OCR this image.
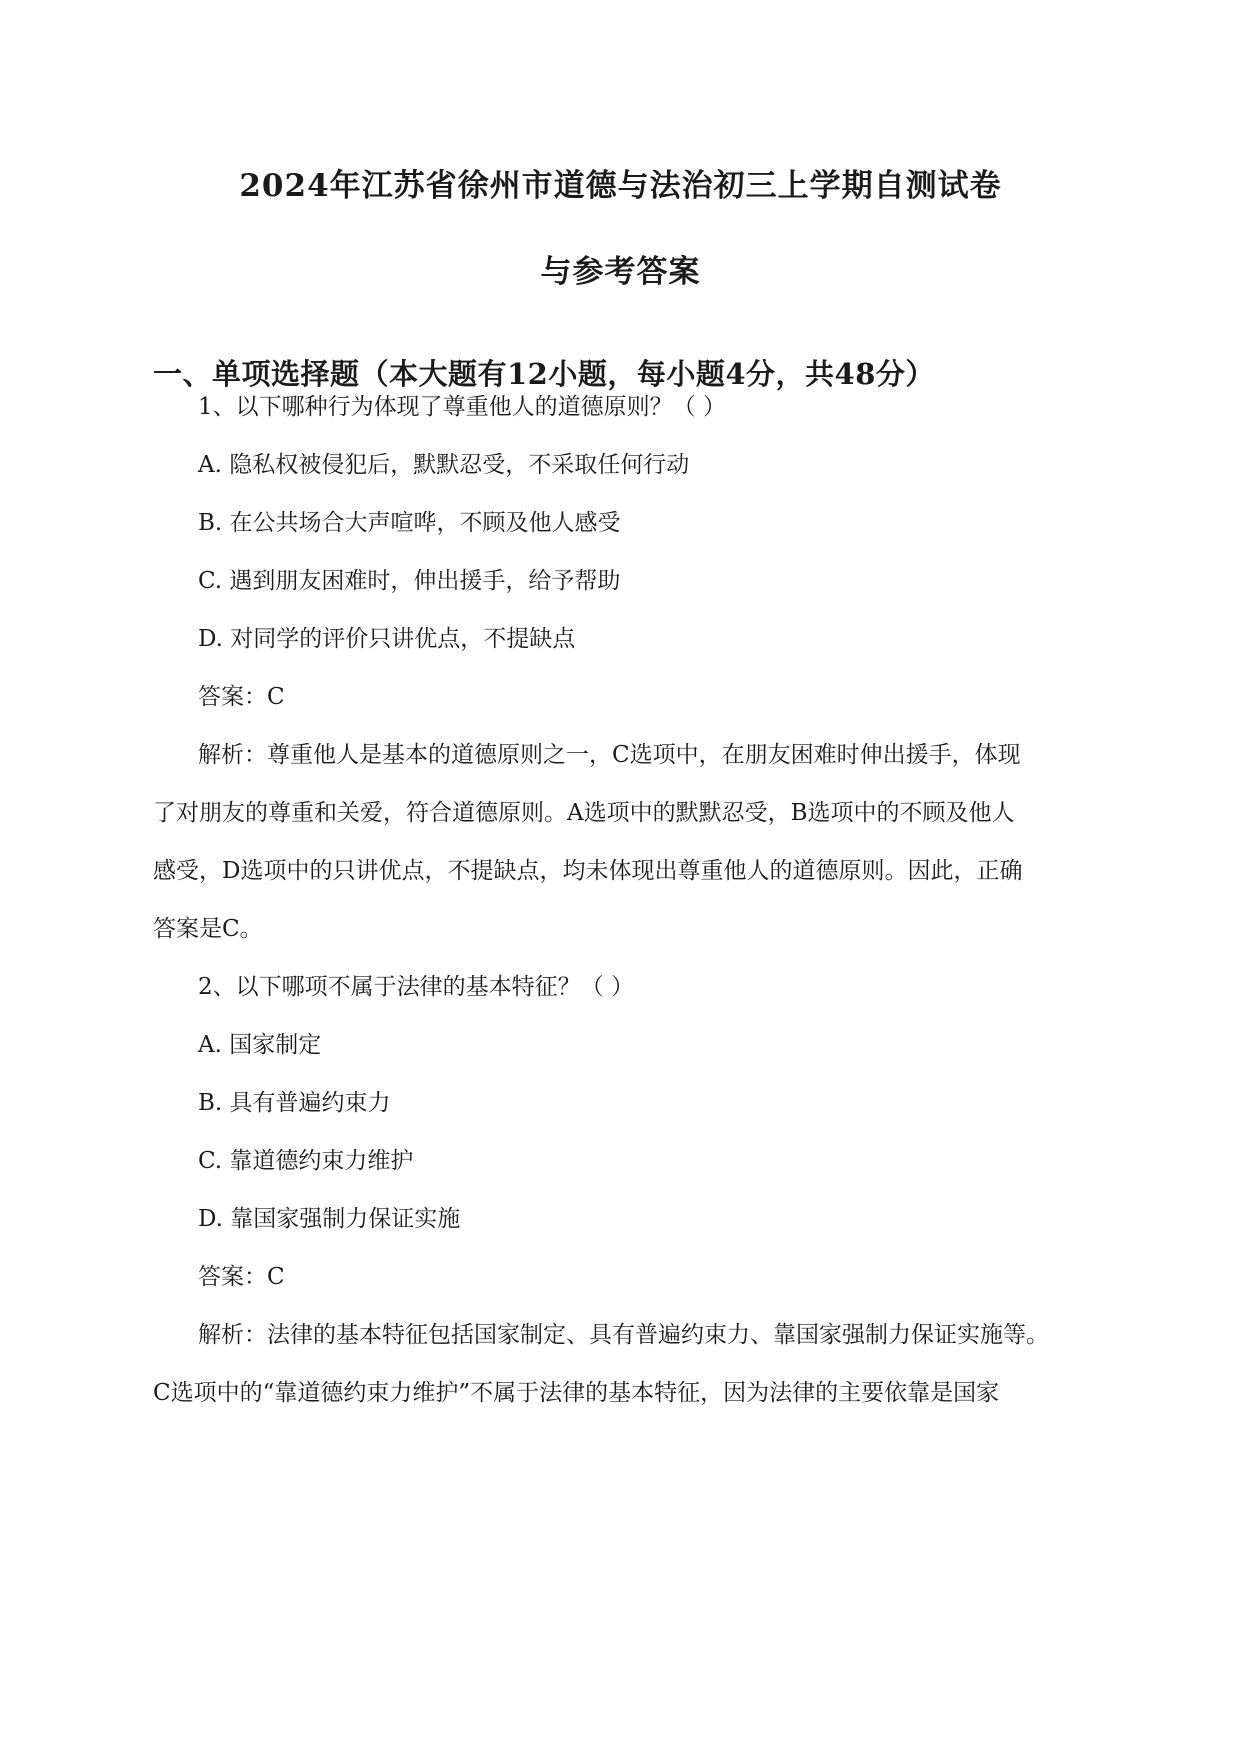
2024年江苏省徐州市道德与法治初三上学期自测试卷
与参考答案
一、单项选择题（本大题有12小题，每小题4分，共48分）
1、以下哪种行为体现了尊重他人的道德原则？（ ）
A. 隐私权被侵犯后，默默忍受，不采取任何行动
B. 在公共场合大声喧哗，不顾及他人感受
C. 遇到朋友困难时，伸出援手，给予帮助
D. 对同学的评价只讲优点，不提缺点
答案：C
解析：尊重他人是基本的道德原则之一，C选项中，在朋友困难时伸出援手，体现
了对朋友的尊重和关爱，符合道德原则。A选项中的默默忍受，B选项中的不顾及他人
感受，D选项中的只讲优点，不提缺点，均未体现出尊重他人的道德原则。因此，正确
答案是C。
2、以下哪项不属于法律的基本特征？（ ）
A. 国家制定
B. 具有普遍约束力
C. 靠道德约束力维护
D. 靠国家强制力保证实施
答案：C
解析：法律的基本特征包括国家制定、具有普遍约束力、靠国家强制力保证实施等。
C选项中的“靠道德约束力维护”不属于法律的基本特征，因为法律的主要依靠是国家
